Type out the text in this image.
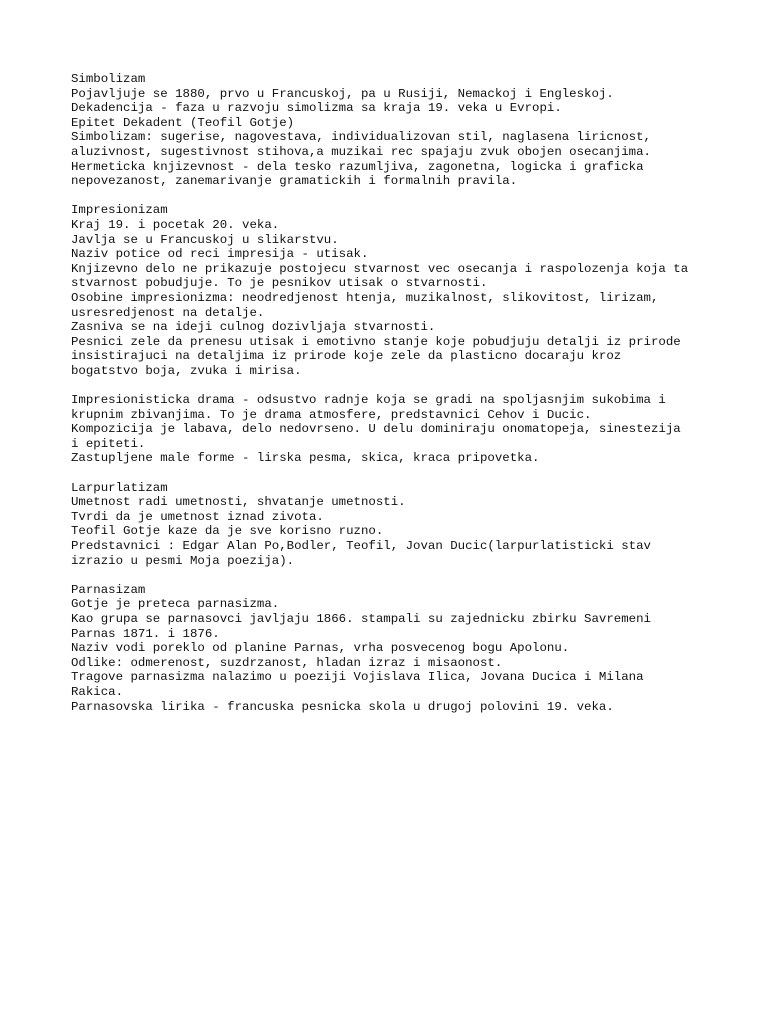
Simbolizam
Pojavljuje se 1880, prvo u Francuskoj, pa u Rusiji, Nemackoj i Engleskoj.
Dekadencija - faza u razvoju simolizma sa kraja 19. veka u Evropi.
Epitet Dekadent (Teofil Gotje)
Simbolizam: sugerise, nagovestava, individualizovan stil, naglasena liricnost,
aluzivnost, sugestivnost stihova,a muzikai rec spajaju zvuk obojen osecanjima.
Hermeticka knjizevnost - dela tesko razumljiva, zagonetna, logicka i graficka
nepovezanost, zanemarivanje gramatickih i formalnih pravila.
Impresionizam
Kraj 19. i pocetak 20. veka.
Javlja se u Francuskoj u slikarstvu.
Naziv potice od reci impresija - utisak.
Knjizevno delo ne prikazuje postojecu stvarnost vec osecanja i raspolozenja koja ta
stvarnost pobudjuje. To je pesnikov utisak o stvarnosti.
Osobine impresionizma: neodredjenost htenja, muzikalnost, slikovitost, lirizam,
usresredjenost na detalje.
Zasniva se na ideji culnog dozivljaja stvarnosti.
Pesnici zele da prenesu utisak i emotivno stanje koje pobudjuju detalji iz prirode
insistirajuci na detaljima iz prirode koje zele da plasticno docaraju kroz
bogatstvo boja, zvuka i mirisa.
Impresionisticka drama - odsustvo radnje koja se gradi na spoljasnjim sukobima i
krupnim zbivanjima. To je drama atmosfere, predstavnici Cehov i Ducic.
Kompozicija je labava, delo nedovrseno. U delu dominiraju onomatopeja, sinestezija
i epiteti.
Zastupljene male forme - lirska pesma, skica, kraca pripovetka.
Larpurlatizam
Umetnost radi umetnosti, shvatanje umetnosti.
Tvrdi da je umetnost iznad zivota.
Teofil Gotje kaze da je sve korisno ruzno.
Predstavnici : Edgar Alan Po,Bodler, Teofil, Jovan Ducic(larpurlatisticki stav
izrazio u pesmi Moja poezija).
Parnasizam
Gotje je preteca parnasizma.
Kao grupa se parnasovci javljaju 1866. stampali su zajednicku zbirku Savremeni
Parnas 1871. i 1876.
Naziv vodi poreklo od planine Parnas, vrha posvecenog bogu Apolonu.
Odlike: odmerenost, suzdrzanost, hladan izraz i misaonost.
Tragove parnasizma nalazimo u poeziji Vojislava Ilica, Jovana Ducica i Milana
Rakica.
Parnasovska lirika - francuska pesnicka skola u drugoj polovini 19. veka.
